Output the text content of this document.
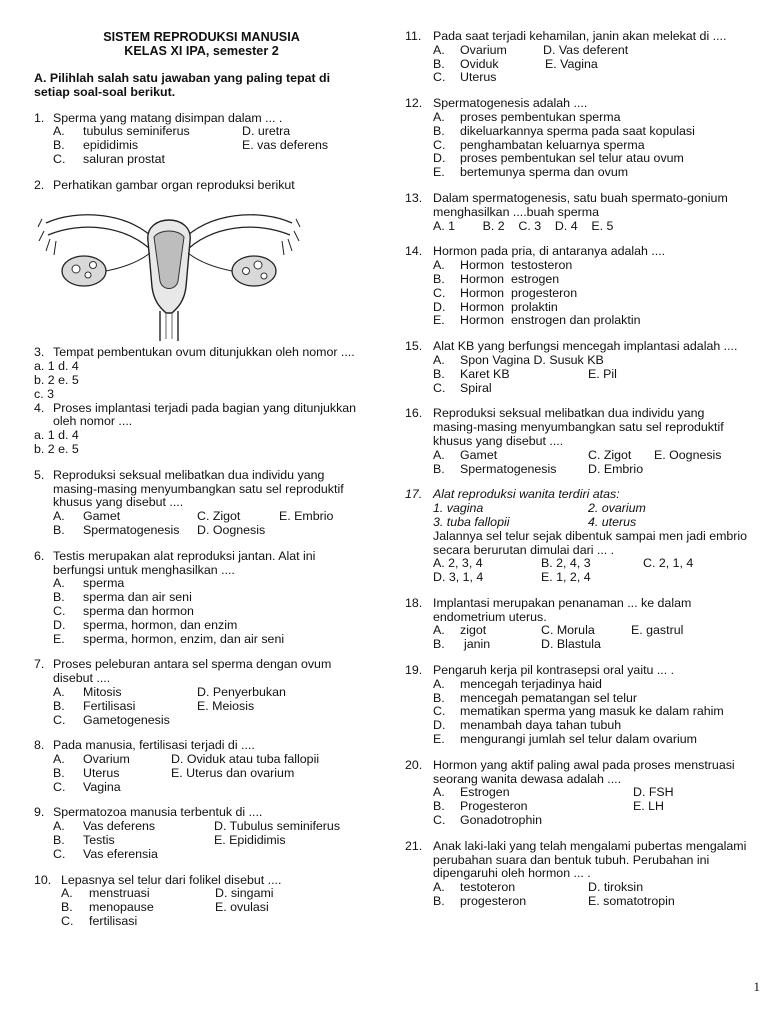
SISTEM REPRODUKSI MANUSIA
KELAS XI IPA, semester 2
A. Pilihlah salah satu jawaban yang paling tepat di setiap soal-soal berikut.
1. Sperma yang matang disimpan dalam ... .
A.	tubulus seminiferus	D. uretra
B.	epididimis	E. vas deferens
C.	saluran prostat
2. Perhatikan gambar organ reproduksi berikut
3. Tempat pembentukan ovum ditunjukkan oleh nomor ....
a. 1 d. 4
b. 2 e. 5
c. 3
4. Proses implantasi terjadi pada bagian yang ditunjukkan oleh nomor ....
a. 1 d. 4
b. 2 e. 5
5. Reproduksi seksual melibatkan dua individu yang masing-masing menyumbangkan satu sel reproduktif khusus yang disebut ....
A.	Gamet	C. Zigot	E. Embrio
B.	Spermatogenesis	D. Oognesis
6. Testis merupakan alat reproduksi jantan. Alat ini berfungsi untuk menghasilkan ....
A.	sperma
B.	sperma dan air seni
C.	sperma dan hormon
D.	sperma, hormon, dan enzim
E.	sperma, hormon, enzim, dan air seni
7. Proses peleburan antara sel sperma dengan ovum disebut ....
A.	Mitosis	D. Penyerbukan
B.	Fertilisasi	E. Meiosis
C.	Gametogenesis
8. Pada manusia, fertilisasi terjadi di ....
A.	Ovarium	D. Oviduk atau tuba fallopii
B.	Uterus	E. Uterus dan ovarium
C.	Vagina
9. Spermatozoa manusia terbentuk di ....
A.	Vas deferens	D. Tubulus seminiferus
B.	Testis	E. Epididimis
C.	Vas eferensia
10. Lepasnya sel telur dari folikel disebut ....
A.	menstruasi	D. singami
B.	menopause	E. ovulasi
C.	fertilisasi
11. Pada saat terjadi kehamilan, janin akan melekat di ....
A.	Ovarium	D. Vas deferent
B.	Oviduk	E. Vagina
C.	Uterus
12. Spermatogenesis adalah ....
A.	proses pembentukan sperma
B.	dikeluarkannya sperma pada saat kopulasi
C.	penghambatan keluarnya sperma
D.	proses pembentukan sel telur atau ovum
E.	bertemunya sperma dan ovum
13. Dalam spermatogenesis, satu buah spermato-gonium menghasilkan ....buah sperma
A. 1        B. 2    C. 3    D. 4    E. 5
14. Hormon pada pria, di antaranya adalah ....
A.	Hormon  testosteron
B.	Hormon  estrogen
C.	Hormon  progesteron
D.	Hormon  prolaktin
E.	Hormon  enstrogen dan prolaktin
15. Alat KB yang berfungsi mencegah implantasi adalah ....
A.	Spon Vagina D. Susuk KB
B.	Karet KB	E. Pil
C.	Spiral
16. Reproduksi seksual melibatkan dua individu yang masing-masing menyumbangkan satu sel reproduktif khusus yang disebut ....
A.	Gamet	C. Zigot	E. Oognesis
B.	Spermatogenesis	D. Embrio
17. Alat reproduksi wanita terdiri atas:
1. vagina	2. ovarium
3. tuba fallopii	4. uterus
Jalannya sel telur sejak dibentuk sampai men jadi embrio secara berurutan dimulai dari ... .
A. 2, 3, 4	B. 2, 4, 3	C. 2, 1, 4
D. 3, 1, 4	E. 1, 2, 4
18. Implantasi merupakan penanaman ... ke dalam endometrium uterus.
A.	zigot	C. Morula	E. gastrul
B.	janin	D. Blastula
19. Pengaruh kerja pil kontrasepsi oral yaitu ... .
A.	mencegah terjadinya haid
B.	mencegah pematangan sel telur
C.	mematikan sperma yang masuk ke dalam rahim
D.	menambah daya tahan tubuh
E.	mengurangi jumlah sel telur dalam ovarium
20. Hormon yang aktif paling awal pada proses menstruasi seorang wanita dewasa adalah ....
A.	Estrogen	D. FSH
B.	Progesteron	E. LH
C.	Gonadotrophin
21. Anak laki-laki yang telah mengalami pubertas mengalami perubahan suara dan bentuk tubuh. Perubahan ini dipengaruhi oleh hormon ... .
A.	testoteron	D. tiroksin
B.	progesteron	E. somatotropin
1
